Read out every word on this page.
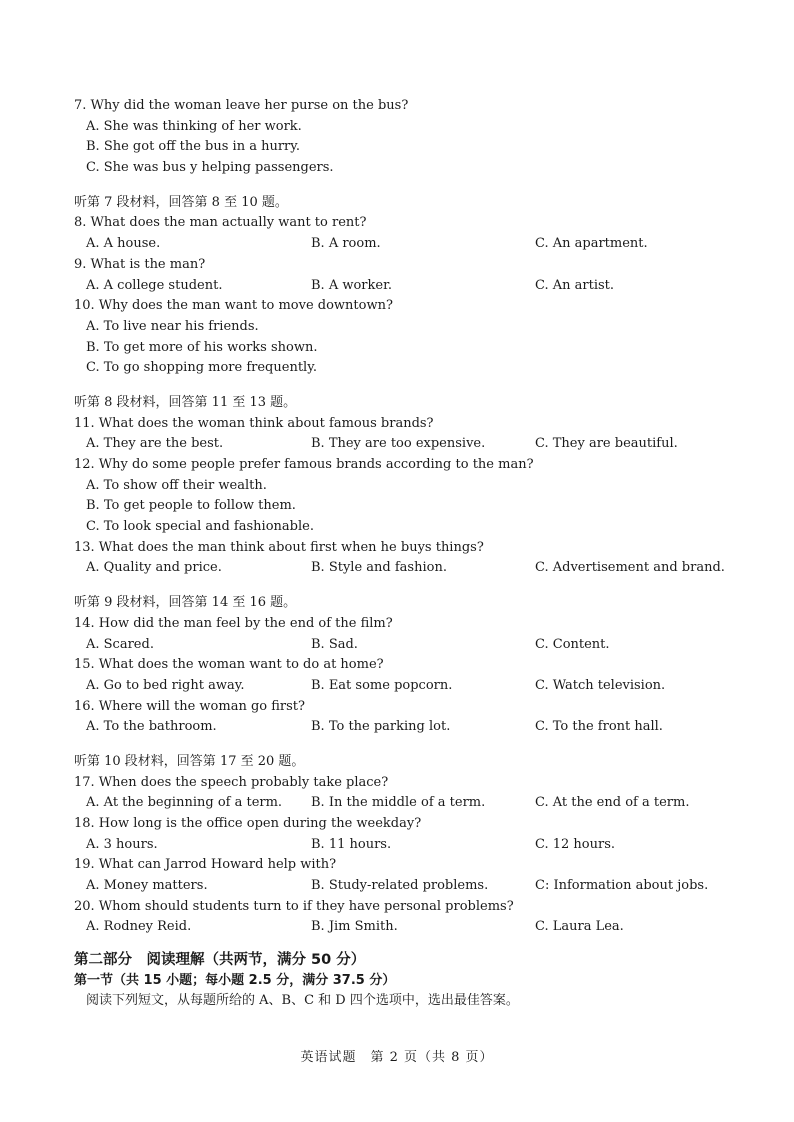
7. Why did the woman leave her purse on the bus?
A. She was thinking of her work.
B. She got off the bus in a hurry.
C. She was bus y helping passengers.
听第 7 段材料，回答第 8 至 10 题。
8. What does the man actually want to rent?
A. A house.	B. A room.	C. An apartment.
9. What is the man?
A. A college student.	B. A worker.	C. An artist.
10. Why does the man want to move downtown?
A. To live near his friends.
B. To get more of his works shown.
C. To go shopping more frequently.
听第 8 段材料，回答第 11 至 13 题。
11. What does the woman think about famous brands?
A. They are the best.	B. They are too expensive.	C. They are beautiful.
12. Why do some people prefer famous brands according to the man?
A. To show off their wealth.
B. To get people to follow them.
C. To look special and fashionable.
13. What does the man think about first when he buys things?
A. Quality and price.	B. Style and fashion.	C. Advertisement and brand.
听第 9 段材料，回答第 14 至 16 题。
14. How did the man feel by the end of the film?
A. Scared.	B. Sad.	C. Content.
15. What does the woman want to do at home?
A. Go to bed right away.	B. Eat some popcorn.	C. Watch television.
16. Where will the woman go first?
A. To the bathroom.	B. To the parking lot.	C. To the front hall.
听第 10 段材料，回答第 17 至 20 题。
17. When does the speech probably take place?
A. At the beginning of a term.	B. In the middle of a term.	C. At the end of a term.
18. How long is the office open during the weekday?
A. 3 hours.	B. 11 hours.	C. 12 hours.
19. What can Jarrod Howard help with?
A. Money matters.	B. Study-related problems.	C: Information about jobs.
20. Whom should students turn to if they have personal problems?
A. Rodney Reid.	B. Jim Smith.	C. Laura Lea.
第二部分　阅读理解（共两节，满分 50 分）
第一节（共 15 小题；每小题 2.5 分，满分 37.5 分）
阅读下列短文，从每题所给的 A、B、C 和 D 四个选项中，选出最佳答案。
英语试题　第 2 页（共 8 页）
